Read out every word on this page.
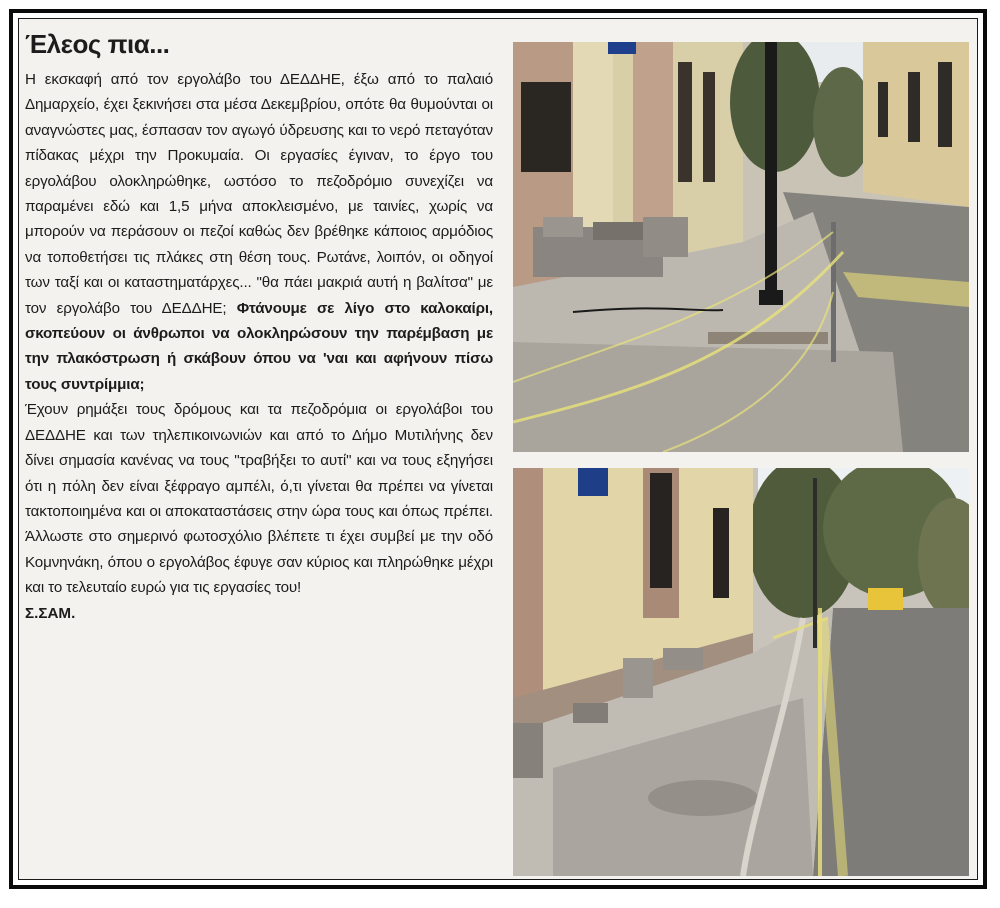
Έλεος πια...

Η εκσκαφή από τον εργολάβο του ΔΕΔΔΗΕ, έξω από το παλαιό Δημαρχείο, έχει ξεκινήσει στα μέσα Δεκεμβρίου, οπότε θα θυμούνται οι αναγνώστες μας, έσπασαν τον αγωγό ύδρευσης και το νερό πεταγόταν πίδακας μέχρι την Προκυμαία. Οι εργασίες έγιναν, το έργο του εργολάβου ολοκληρώθηκε, ωστόσο το πεζοδρόμιο συνεχίζει να παραμένει εδώ και 1,5 μήνα αποκλεισμένο, με ταινίες, χωρίς να μπορούν να περάσουν οι πεζοί καθώς δεν βρέθηκε κάποιος αρμόδιος να τοποθετήσει τις πλάκες στη θέση τους. Ρωτάνε, λοιπόν, οι οδηγοί των ταξί και οι καταστηματάρχες... "θα πάει μακριά αυτή η βαλίτσα" με τον εργολάβο του ΔΕΔΔΗΕ; Φτάνουμε σε λίγο στο καλοκαίρι, σκοπεύουν οι άνθρωποι να ολοκληρώσουν την παρέμβαση με την πλακόστρωση ή σκάβουν όπου να 'ναι και αφήνουν πίσω τους συντρίμμια;

Έχουν ρημάξει τους δρόμους και τα πεζοδρόμια οι εργολάβοι του ΔΕΔΔΗΕ και των τηλεπικοινωνιών και από το Δήμο Μυτιλήνης δεν δίνει σημασία κανένας να τους "τραβήξει το αυτί" και να τους εξηγήσει ότι η πόλη δεν είναι ξέφραγο αμπέλι, ό,τι γίνεται θα πρέπει να γίνεται τακτοποιημένα και οι αποκαταστάσεις στην ώρα τους και όπως πρέπει. Άλλωστε στο σημερινό φωτοσχόλιο βλέπετε τι έχει συμβεί με την οδό Κομνηνάκη, όπου ο εργολάβος έφυγε σαν κύριος και πληρώθηκε μέχρι και το τελευταίο ευρώ για τις εργασίες του!

Σ.ΣΑΜ.
